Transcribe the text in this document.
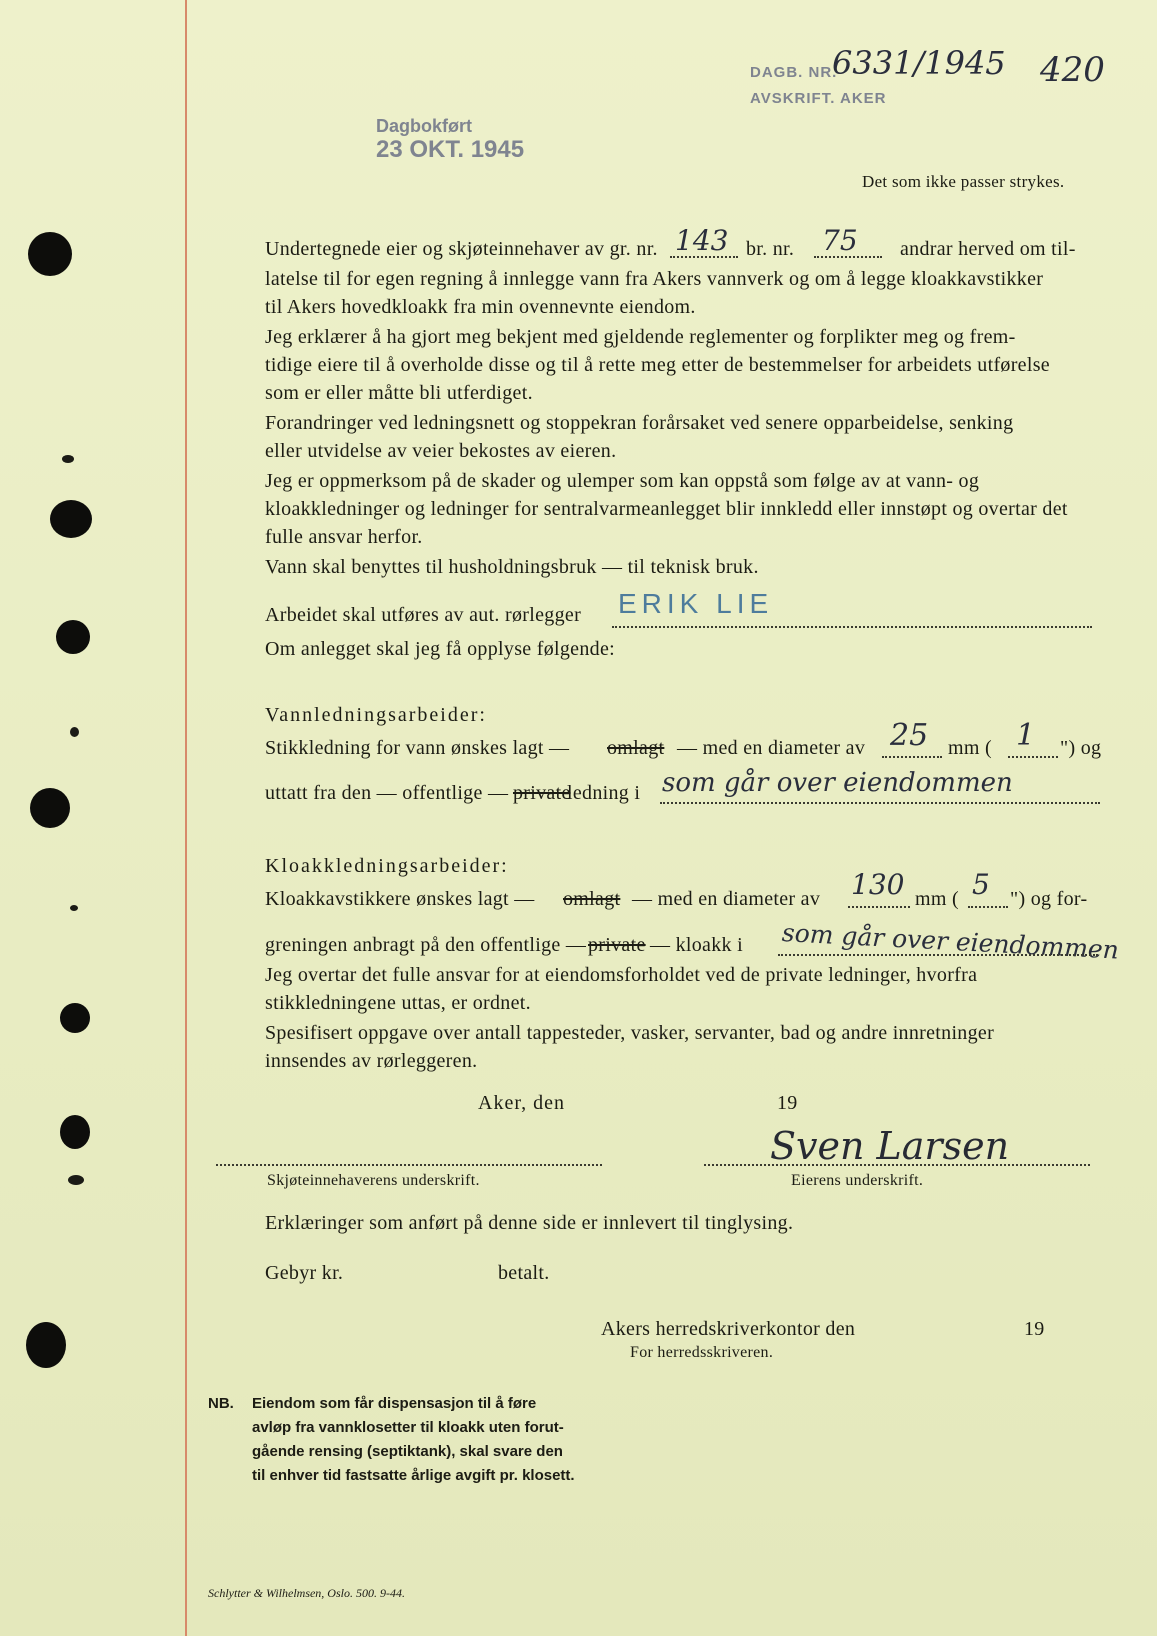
DAGB. NR.
6331/1945 420
AVSKRIFT. AKER
Dagbokført
23 OKT. 1945
Det som ikke passer strykes.
Undertegnede eier og skjøteinnehaver av gr. nr. 143 br. nr. 75 andrar herved om til-
latelse til for egen regning å innlegge vann fra Akers vannverk og om å legge kloakkavstikker
til Akers hovedkloakk fra min ovennevnte eiendom.
Jeg erklærer å ha gjort meg bekjent med gjeldende reglementer og forplikter meg og frem-
tidige eiere til å overholde disse og til å rette meg etter de bestemmelser for arbeidets utførelse
som er eller måtte bli utferdiget.
Forandringer ved ledningsnett og stoppekran forårsaket ved senere opparbeidelse, senking
eller utvidelse av veier bekostes av eieren.
Jeg er oppmerksom på de skader og ulemper som kan oppstå som følge av at vann- og
kloakkledninger og ledninger for sentralvarmeanlegget blir innkledd eller innstøpt og overtar det
fulle ansvar herfor.
Vann skal benyttes til husholdningsbruk — til teknisk bruk.
Arbeidet skal utføres av aut. rørlegger ERIK LIE
Om anlegget skal jeg få opplyse følgende:
Vannledningsarbeider:
Stikkledning for vann ønskes lagt — omlagt — med en diameter av 25 mm ( 1 ") og
uttatt fra den — offentlige — private
ledning i som går over eiendommen
Kloakkledningsarbeider:
Kloakkavstikkere ønskes lagt — omlagt — med en diameter av 130 mm ( 5 ") og for-
greningen anbragt på den offentlige — private — kloakk i som går over eiendommen
Jeg overtar det fulle ansvar for at eiendomsforholdet ved de private ledninger, hvorfra
stikkledningene uttas, er ordnet.
Spesifisert oppgave over antall tappesteder, vasker, servanter, bad og andre innretninger
innsendes av rørleggeren.
Aker, den	19
Sven Larsen
Skjøteinnehaverens underskrift.	Eierens underskrift.
Erklæringer som anført på denne side er innlevert til tinglysing.
Gebyr kr.	betalt.
Akers herredskriverkontor den	19
For herredsskriveren.
NB. Eiendom som får dispensasjon til å føre
avløp fra vannklosetter til kloakk uten forut-
gående rensing (septiktank), skal svare den
til enhver tid fastsatte årlige avgift pr. klosett.
Schlytter & Wilhelmsen, Oslo. 500. 9-44.
